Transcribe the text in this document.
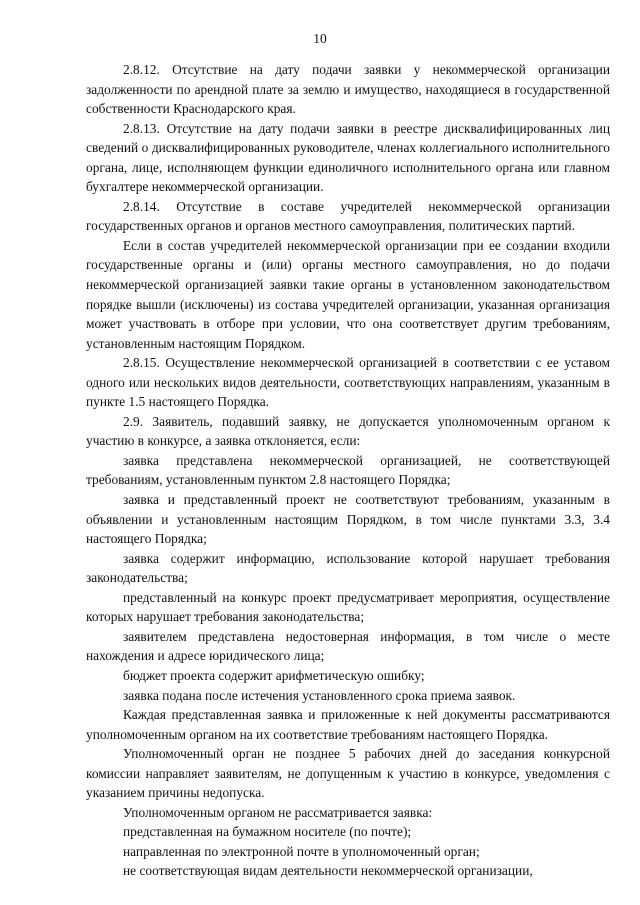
10

2.8.12. Отсутствие на дату подачи заявки у некоммерческой организации задолженности по арендной плате за землю и имущество, находящиеся в государственной собственности Краснодарского края.

2.8.13. Отсутствие на дату подачи заявки в реестре дисквалифицированных лиц сведений о дисквалифицированных руководителе, членах коллегиального исполнительного органа, лице, исполняющем функции единоличного исполнительного органа или главном бухгалтере некоммерческой организации.

2.8.14. Отсутствие в составе учредителей некоммерческой организации государственных органов и органов местного самоуправления, политических партий.

Если в состав учредителей некоммерческой организации при ее создании входили государственные органы и (или) органы местного самоуправления, но до подачи некоммерческой организацией заявки такие органы в установленном законодательством порядке вышли (исключены) из состава учредителей организации, указанная организация может участвовать в отборе при условии, что она соответствует другим требованиям, установленным настоящим Порядком.

2.8.15. Осуществление некоммерческой организацией в соответствии с ее уставом одного или нескольких видов деятельности, соответствующих направлениям, указанным в пункте 1.5 настоящего Порядка.

2.9. Заявитель, подавший заявку, не допускается уполномоченным органом к участию в конкурсе, а заявка отклоняется, если:

заявка представлена некоммерческой организацией, не соответствующей требованиям, установленным пунктом 2.8 настоящего Порядка;

заявка и представленный проект не соответствуют требованиям, указанным в объявлении и установленным настоящим Порядком, в том числе пунктами 3.3, 3.4 настоящего Порядка;

заявка содержит информацию, использование которой нарушает требования законодательства;

представленный на конкурс проект предусматривает мероприятия, осуществление которых нарушает требования законодательства;

заявителем представлена недостоверная информация, в том числе о месте нахождения и адресе юридического лица;

бюджет проекта содержит арифметическую ошибку;

заявка подана после истечения установленного срока приема заявок.

Каждая представленная заявка и приложенные к ней документы рассматриваются уполномоченным органом на их соответствие требованиям настоящего Порядка.

Уполномоченный орган не позднее 5 рабочих дней до заседания конкурсной комиссии направляет заявителям, не допущенным к участию в конкурсе, уведомления с указанием причины недопуска.

Уполномоченным органом не рассматривается заявка:

представленная на бумажном носителе (по почте);

направленная по электронной почте в уполномоченный орган;

не соответствующая видам деятельности некоммерческой организации,
